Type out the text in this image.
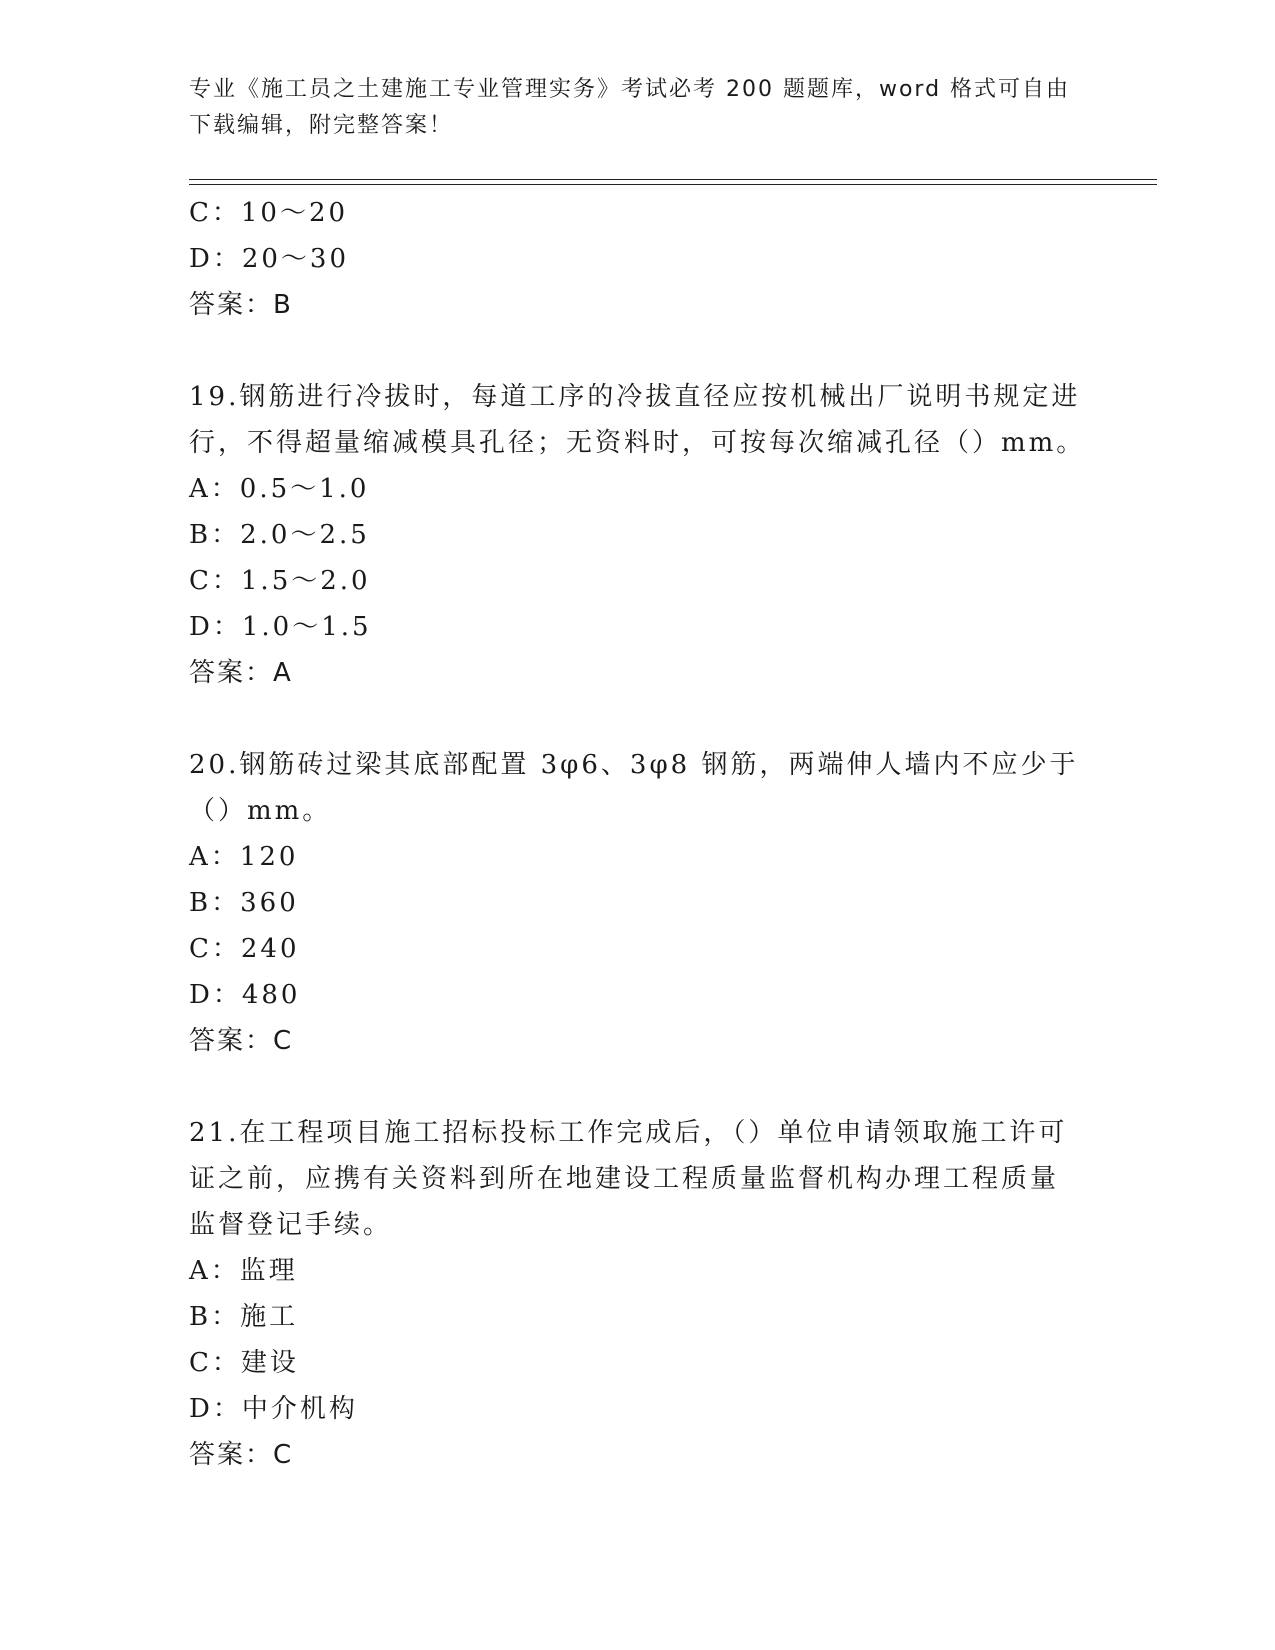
专业《施工员之土建施工专业管理实务》考试必考 200 题题库，word 格式可自由
下载编辑，附完整答案！
C：10～20
D：20～30
答案：B
19.钢筋进行冷拔时，每道工序的冷拔直径应按机械出厂说明书规定进
行，不得超量缩减模具孔径；无资料时，可按每次缩减孔径（）mm。
A：0.5～1.0
B：2.0～2.5
C：1.5～2.0
D：1.0～1.5
答案：A
20.钢筋砖过梁其底部配置 3φ6、3φ8 钢筋，两端伸人墙内不应少于
（）mm。
A：120
B：360
C：240
D：480
答案：C
21.在工程项目施工招标投标工作完成后，（）单位申请领取施工许可
证之前，应携有关资料到所在地建设工程质量监督机构办理工程质量
监督登记手续。
A：监理
B：施工
C：建设
D：中介机构
答案：C
